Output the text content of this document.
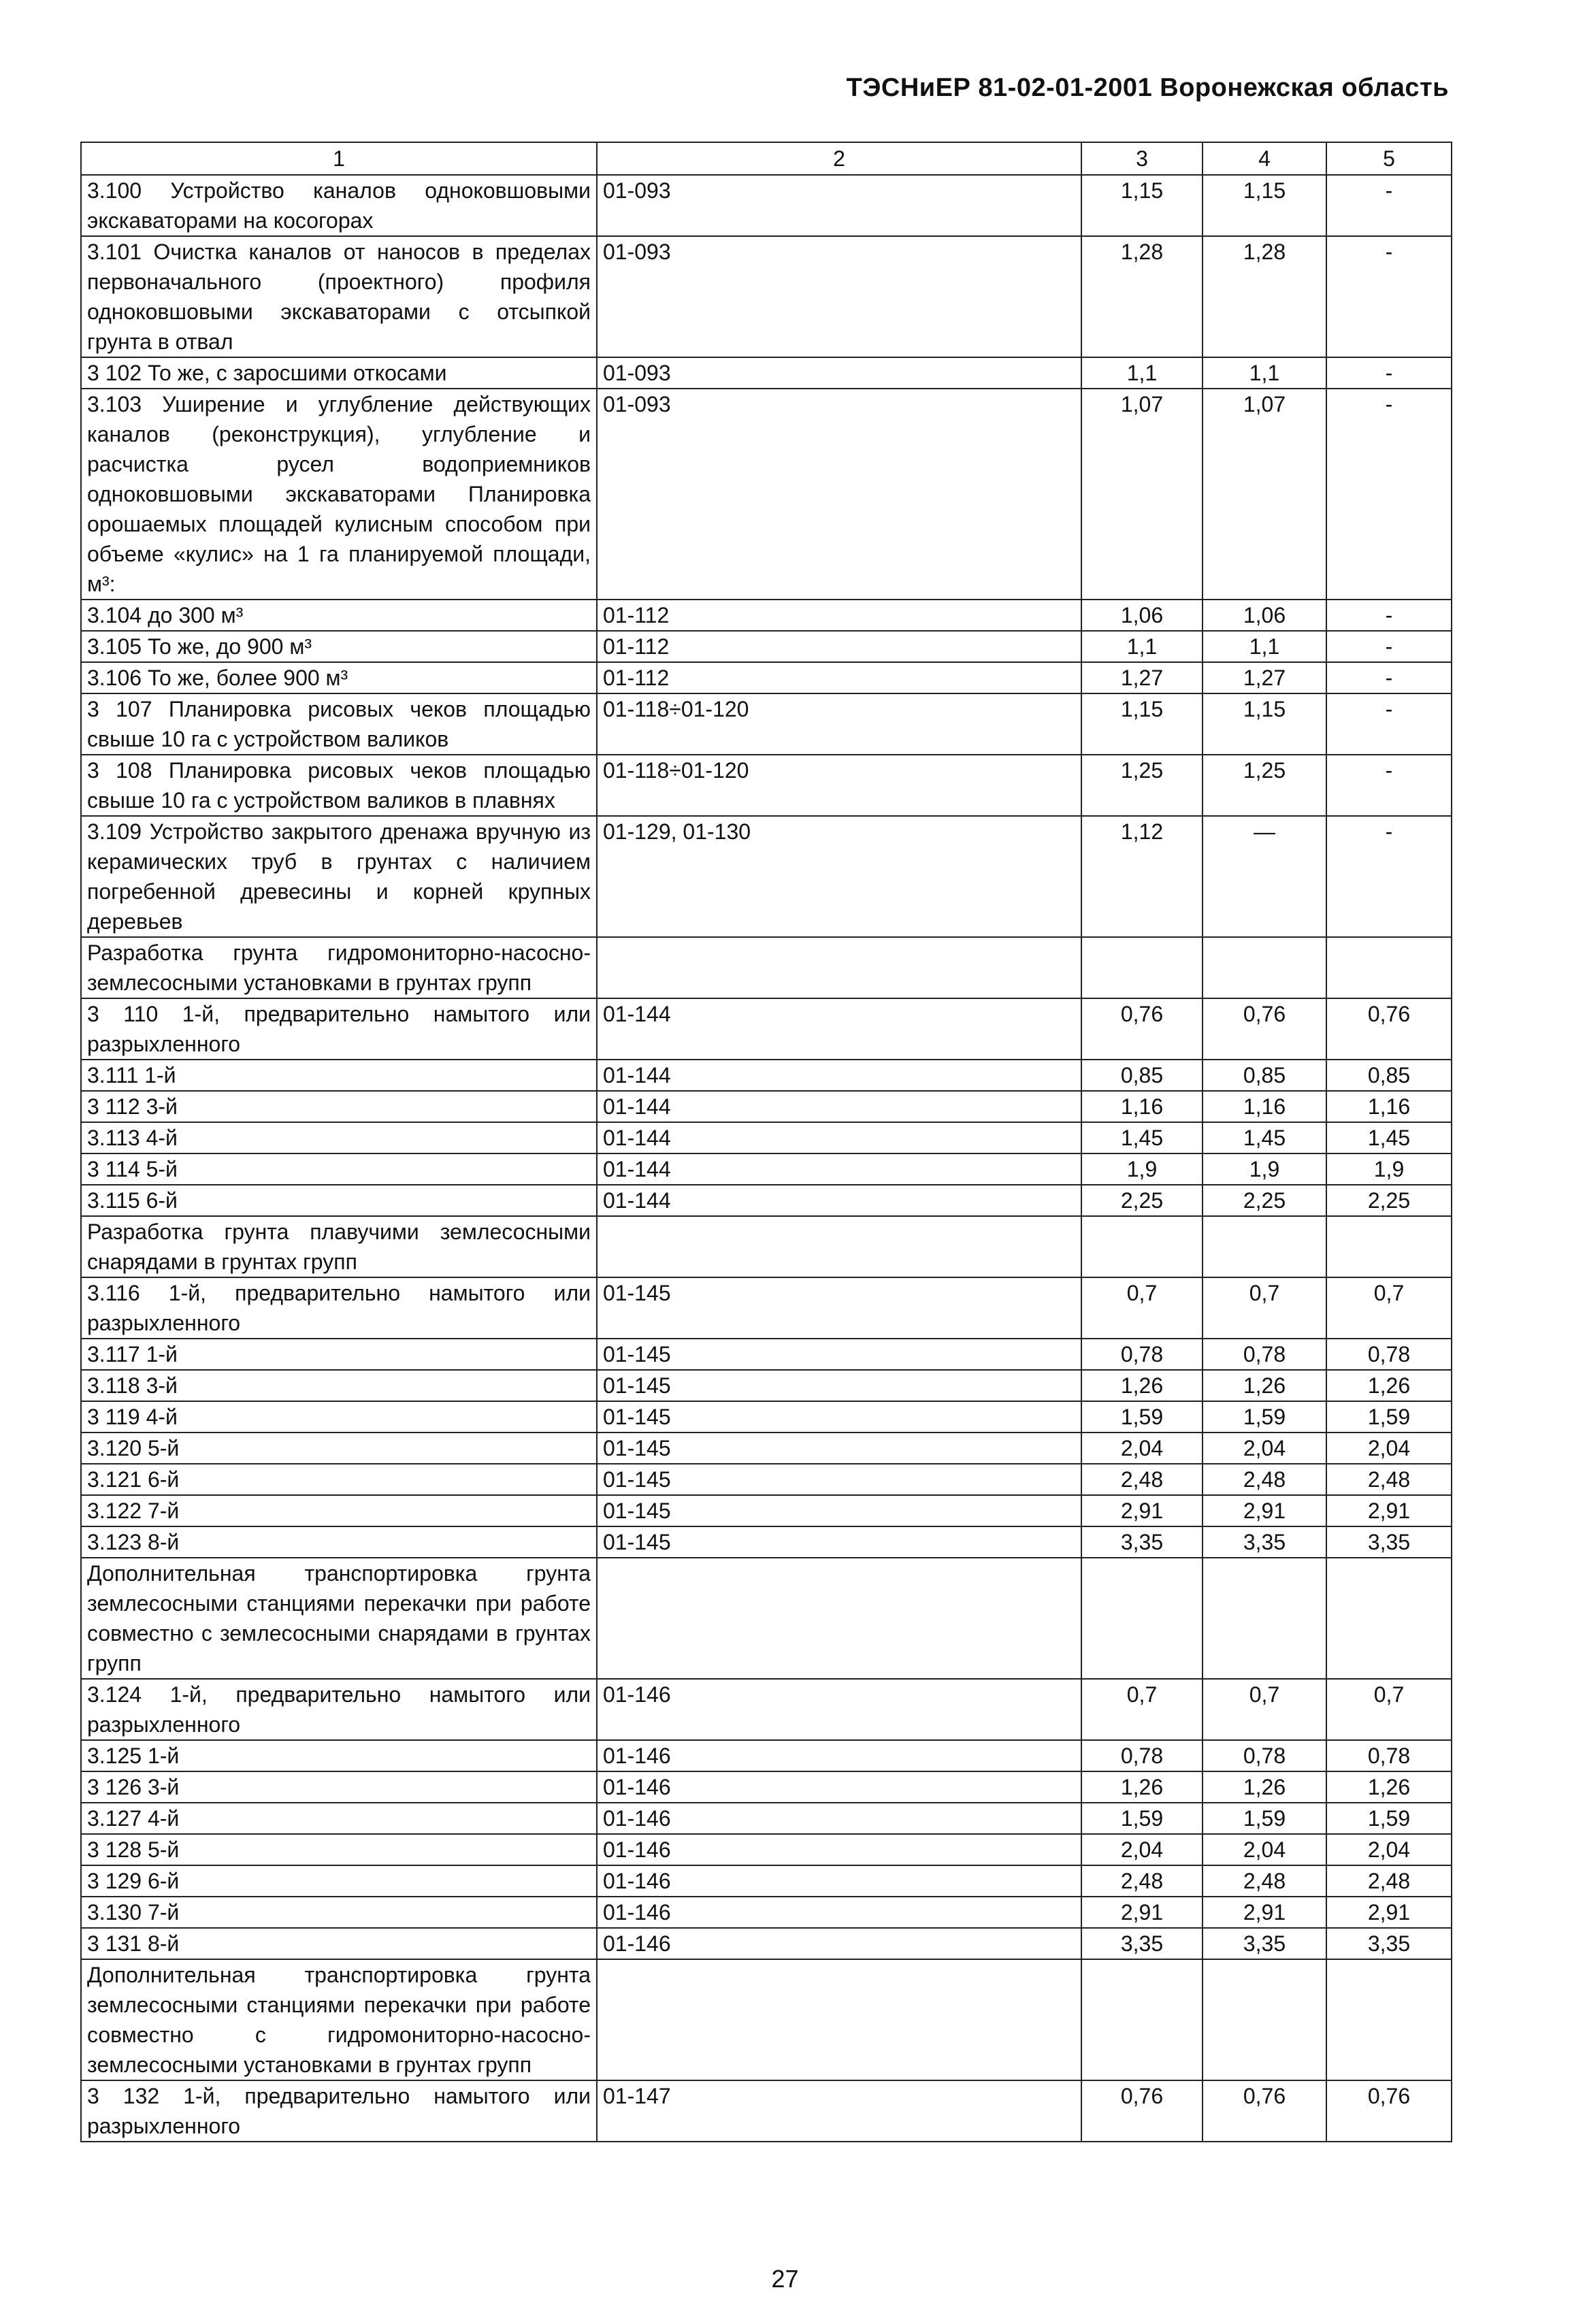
ТЭСНиЕР 81-02-01-2001 Воронежская область
1	2	3	4	5
3.100 Устройство каналов одноковшовыми экскаваторами на косогорах	01-093	1,15	1,15	-
3.101 Очистка каналов от наносов в пределах первоначального (проектного) профиля одноковшовыми экскаваторами с отсыпкой грунта в отвал	01-093	1,28	1,28	-
3 102 То же, с заросшими откосами	01-093	1,1	1,1	-
3.103 Уширение и углубление действующих каналов (реконструкция), углубление и расчистка русел водоприемников одноковшовыми экскаваторами Планировка орошаемых площадей кулисным способом при объеме «кулис» на 1 га планируемой площади, м³:	01-093	1,07	1,07	-
3.104 до 300 м³	01-112	1,06	1,06	-
3.105 То же, до 900 м³	01-112	1,1	1,1	-
3.106 То же, более 900 м³	01-112	1,27	1,27	-
3 107 Планировка рисовых чеков площадью свыше 10 га с устройством валиков	01-118÷01-120	1,15	1,15	-
3 108 Планировка рисовых чеков площадью свыше 10 га с устройством валиков в плавнях	01-118÷01-120	1,25	1,25	-
3.109 Устройство закрытого дренажа вручную из керамических труб в грунтах с наличием погребенной древесины и корней крупных деревьев	01-129, 01-130	1,12	—	-
Разработка грунта гидромониторно-насосно-землесосными установками в грунтах групп				
3 110 1-й, предварительно намытого или разрыхленного	01-144	0,76	0,76	0,76
3.111 1-й	01-144	0,85	0,85	0,85
3 112 3-й	01-144	1,16	1,16	1,16
3.113 4-й	01-144	1,45	1,45	1,45
3 114 5-й	01-144	1,9	1,9	1,9
3.115 6-й	01-144	2,25	2,25	2,25
Разработка грунта плавучими землесосными снарядами в грунтах групп				
3.116 1-й, предварительно намытого или разрыхленного	01-145	0,7	0,7	0,7
3.117 1-й	01-145	0,78	0,78	0,78
3.118 3-й	01-145	1,26	1,26	1,26
3 119 4-й	01-145	1,59	1,59	1,59
3.120 5-й	01-145	2,04	2,04	2,04
3.121 6-й	01-145	2,48	2,48	2,48
3.122 7-й	01-145	2,91	2,91	2,91
3.123 8-й	01-145	3,35	3,35	3,35
Дополнительная транспортировка грунта землесосными станциями перекачки при работе совместно с землесосными снарядами в грунтах групп				
3.124 1-й, предварительно намытого или разрыхленного	01-146	0,7	0,7	0,7
3.125 1-й	01-146	0,78	0,78	0,78
3 126 3-й	01-146	1,26	1,26	1,26
3.127 4-й	01-146	1,59	1,59	1,59
3 128 5-й	01-146	2,04	2,04	2,04
3 129 6-й	01-146	2,48	2,48	2,48
3.130 7-й	01-146	2,91	2,91	2,91
3 131 8-й	01-146	3,35	3,35	3,35
Дополнительная транспортировка грунта землесосными станциями перекачки при работе совместно с гидромониторно-насосно-землесосными установками в грунтах групп				
3 132 1-й, предварительно намытого или разрыхленного	01-147	0,76	0,76	0,76
27
